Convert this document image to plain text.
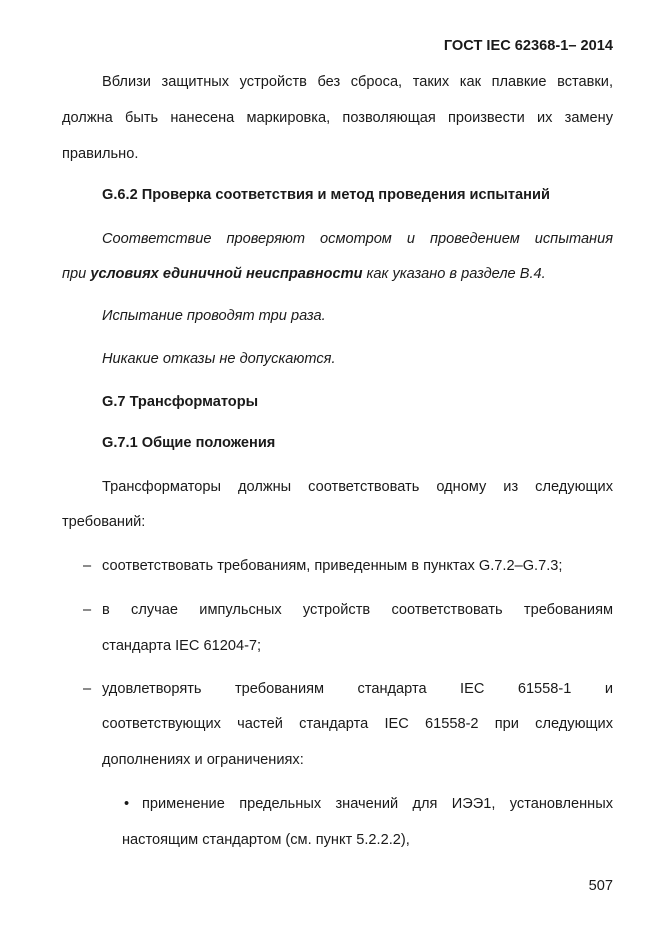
ГОСТ IEC 62368-1– 2014
Вблизи защитных устройств без сброса, таких как плавкие вставки,
должна быть нанесена маркировка, позволяющая произвести их замену
правильно.
G.6.2 Проверка соответствия и метод проведения испытаний
Соответствие проверяют осмотром и проведением испытания
при условиях единичной неисправности как указано в разделе B.4.
Испытание проводят три раза.
Никакие отказы не допускаются.
G.7 Трансформаторы
G.7.1 Общие положения
Трансформаторы должны соответствовать одному из следующих
требований:
– соответствовать требованиям, приведенным в пунктах G.7.2–G.7.3;
– в случае импульсных устройств соответствовать требованиям
стандарта IEC 61204-7;
– удовлетворять требованиям стандарта IEC 61558-1 и
соответствующих частей стандарта IEC 61558-2 при следующих
дополнениях и ограничениях:
• применение предельных значений для ИЭЭ1, установленных
настоящим стандартом (см. пункт 5.2.2.2),
507
